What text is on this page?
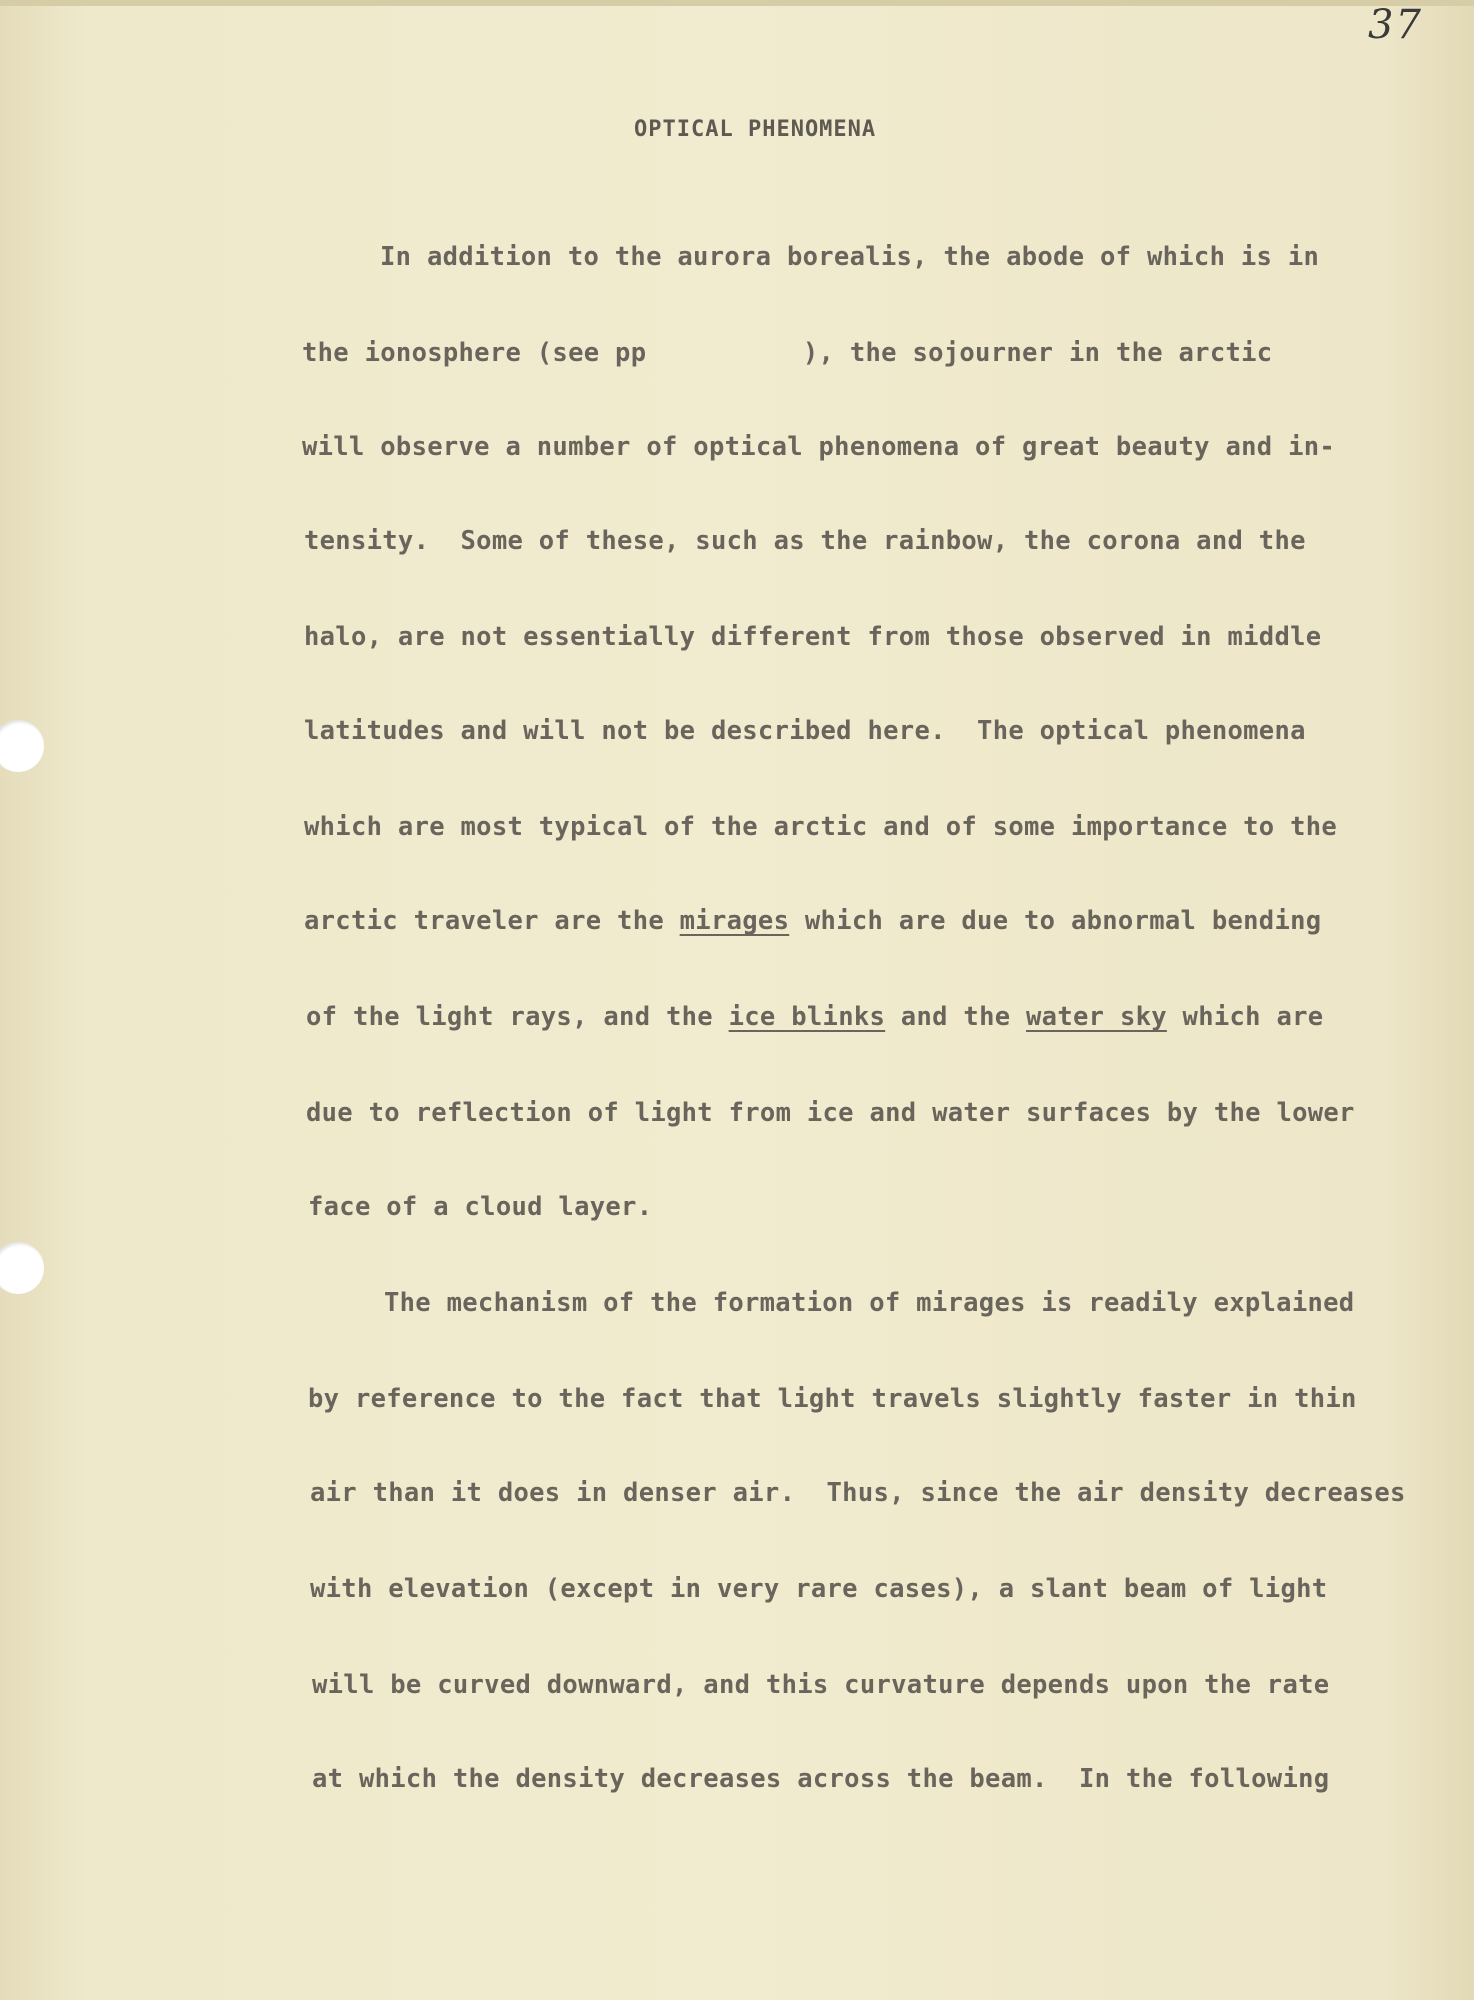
37
OPTICAL PHENOMENA
In addition to the aurora borealis, the abode of which is in
the ionosphere (see pp          ), the sojourner in the arctic
will observe a number of optical phenomena of great beauty and in-
tensity.  Some of these, such as the rainbow, the corona and the
halo, are not essentially different from those observed in middle
latitudes and will not be described here.  The optical phenomena
which are most typical of the arctic and of some importance to the
arctic traveler are the mirages which are due to abnormal bending
of the light rays, and the ice blinks and the water sky which are
due to reflection of light from ice and water surfaces by the lower
face of a cloud layer.
The mechanism of the formation of mirages is readily explained
by reference to the fact that light travels slightly faster in thin
air than it does in denser air.  Thus, since the air density decreases
with elevation (except in very rare cases), a slant beam of light
will be curved downward, and this curvature depends upon the rate
at which the density decreases across the beam.  In the following
